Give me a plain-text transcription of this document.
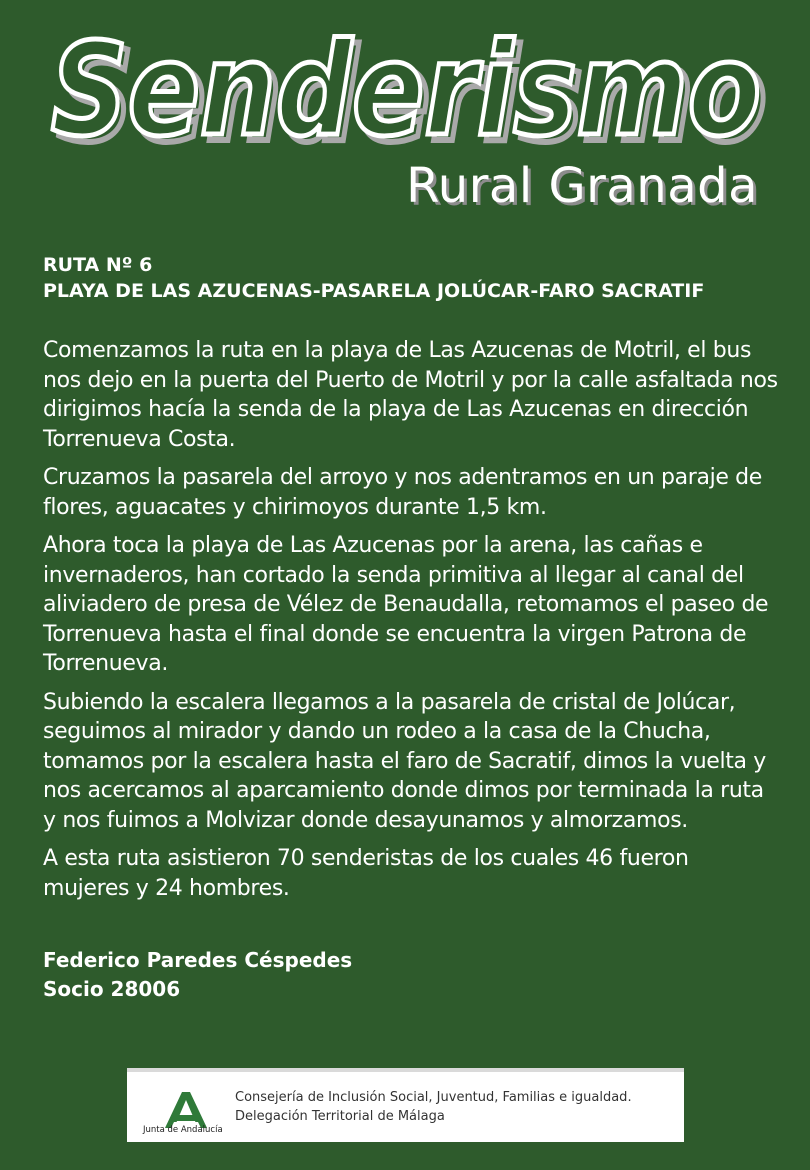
Senderismo
Senderismo
Rural Granada
RUTA Nº 6
PLAYA DE LAS AZUCENAS-PASARELA JOLÚCAR-FARO SACRATIF

Comenzamos la ruta en la playa de Las Azucenas de Motril, el bus nos dejo en la puerta del Puerto de Motril y por la calle asfaltada nos dirigimos hacía la senda de la playa de Las Azucenas en dirección Torrenueva Costa.

Cruzamos la pasarela del arroyo y nos adentramos en un paraje de flores, aguacates y chirimoyos durante 1,5 km.

Ahora toca la playa de Las Azucenas por la arena, las cañas e invernaderos, han cortado la senda primitiva al llegar al canal del aliviadero de presa de Vélez de Benaudalla, retomamos el paseo de Torrenueva hasta el final donde se encuentra la virgen Patrona de Torrenueva.

Subiendo la escalera llegamos a la pasarela de cristal de Jolúcar, seguimos al mirador y dando un rodeo a la casa de la Chucha, tomamos por la escalera hasta el faro de Sacratif, dimos la vuelta y nos acercamos al aparcamiento donde dimos por terminada la ruta y nos fuimos a Molvizar donde desayunamos y almorzamos.

A esta ruta asistieron 70 senderistas de los cuales 46 fueron mujeres y 24 hombres.

Federico Paredes Céspedes
Socio 28006
Junta de Andalucía
Consejería de Inclusión Social, Juventud, Familias e igualdad.
Delegación Territorial de Málaga
